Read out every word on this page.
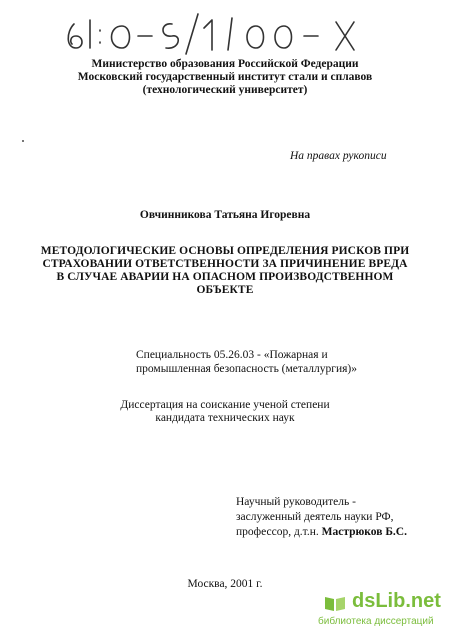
Министерство образования Российской Федерации
Московский государственный институт стали и сплавов
(технологический университет)
На правах рукописи
Овчинникова Татьяна Игоревна
МЕТОДОЛОГИЧЕСКИЕ ОСНОВЫ ОПРЕДЕЛЕНИЯ РИСКОВ ПРИ
СТРАХОВАНИИ ОТВЕТСТВЕННОСТИ ЗА ПРИЧИНЕНИЕ ВРЕДА
В СЛУЧАЕ АВАРИИ НА ОПАСНОМ ПРОИЗВОДСТВЕННОМ
ОБЪЕКТЕ
Специальность 05.26.03 - «Пожарная и
промышленная безопасность (металлургия)»
Диссертация на соискание ученой степени
кандидата технических наук
Научный руководитель -
заслуженный деятель науки РФ,
профессор, д.т.н. Мастрюков Б.С.
Москва, 2001 г.
dsLib.net
библиотека диссертаций
